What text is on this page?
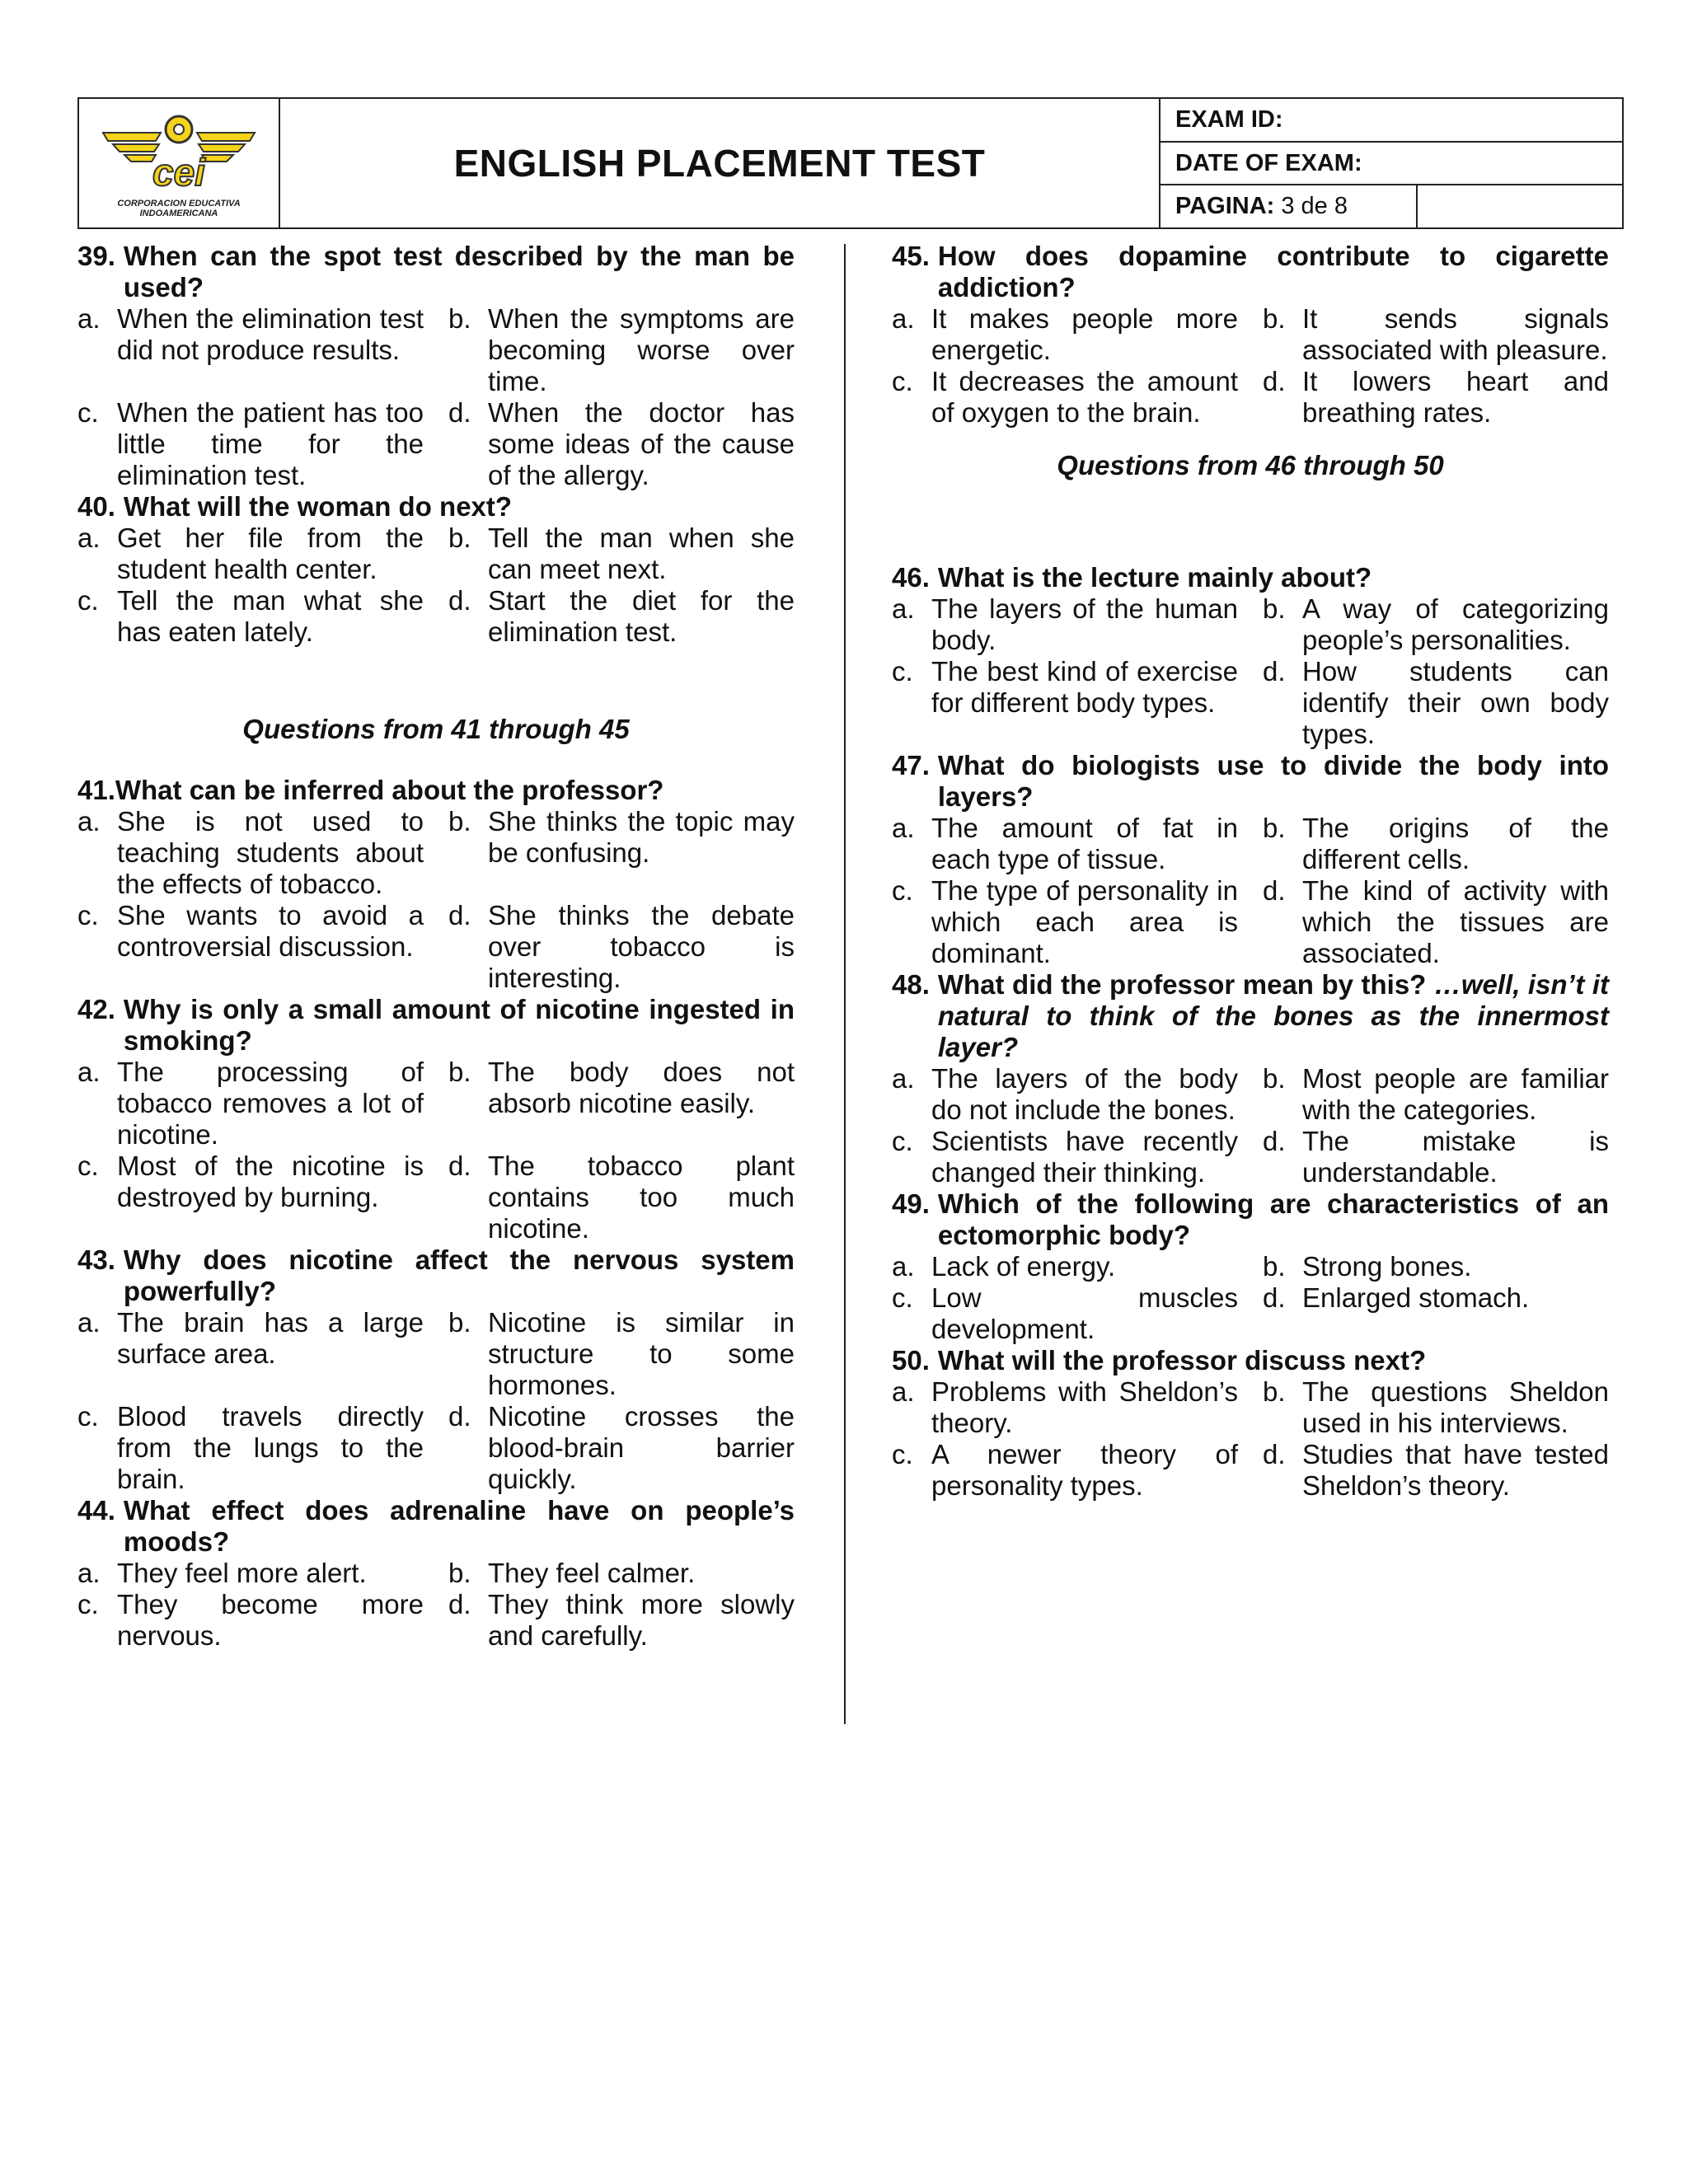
cei
CORPORACION EDUCATIVA
INDOAMERICANA
ENGLISH PLACEMENT TEST
EXAM ID:
DATE OF EXAM:
PAGINA:
3 de 8
39. When can the spot test described by the man be used?
a. When the elimination test did not produce results.
b. When the symptoms are becoming worse over time.
c. When the patient has too little time for the elimination test.
d. When the doctor has some ideas of the cause of the allergy.
40. What will the woman do next?
a. Get her file from the student health center.
b. Tell the man when she can meet next.
c. Tell the man what she has eaten lately.
d. Start the diet for the elimination test.
Questions from 41 through 45
41. What can be inferred about the professor?
a. She is not used to teaching students about the effects of tobacco.
b. She thinks the topic may be confusing.
c. She wants to avoid a controversial discussion.
d. She thinks the debate over tobacco is interesting.
42. Why is only a small amount of nicotine ingested in smoking?
a. The processing of tobacco removes a lot of nicotine.
b. The body does not absorb nicotine easily.
c. Most of the nicotine is destroyed by burning.
d. The tobacco plant contains too much nicotine.
43. Why does nicotine affect the nervous system powerfully?
a. The brain has a large surface area.
b. Nicotine is similar in structure to some hormones.
c. Blood travels directly from the lungs to the brain.
d. Nicotine crosses the blood-brain barrier quickly.
44. What effect does adrenaline have on people’s moods?
a. They feel more alert.	b. They feel calmer.
c. They become more nervous.
d. They think more slowly and carefully.
45. How does dopamine contribute to cigarette addiction?
a. It makes people more energetic.
b. It sends signals associated with pleasure.
c. It decreases the amount of oxygen to the brain.
d. It lowers heart and breathing rates.
Questions from 46 through 50
46. What is the lecture mainly about?
a. The layers of the human body.
b. A way of categorizing people’s personalities.
c. The best kind of exercise for different body types.
d. How students can identify their own body types.
47. What do biologists use to divide the body into layers?
a. The amount of fat in each type of tissue.
b. The origins of the different cells.
c. The type of personality in which each area is dominant.
d. The kind of activity with which the tissues are associated.
48. What did the professor mean by this? …well, isn’t it natural to think of the bones as the innermost layer?
a. The layers of the body do not include the bones.
b. Most people are familiar with the categories.
c. Scientists have recently changed their thinking.
d. The mistake is understandable.
49. Which of the following are characteristics of an ectomorphic body?
a. Lack of energy.	b. Strong bones.
c. Low muscles development.
d. Enlarged stomach.
50. What will the professor discuss next?
a. Problems with Sheldon’s theory.
b. The questions Sheldon used in his interviews.
c. A newer theory of personality types.
d. Studies that have tested Sheldon’s theory.
